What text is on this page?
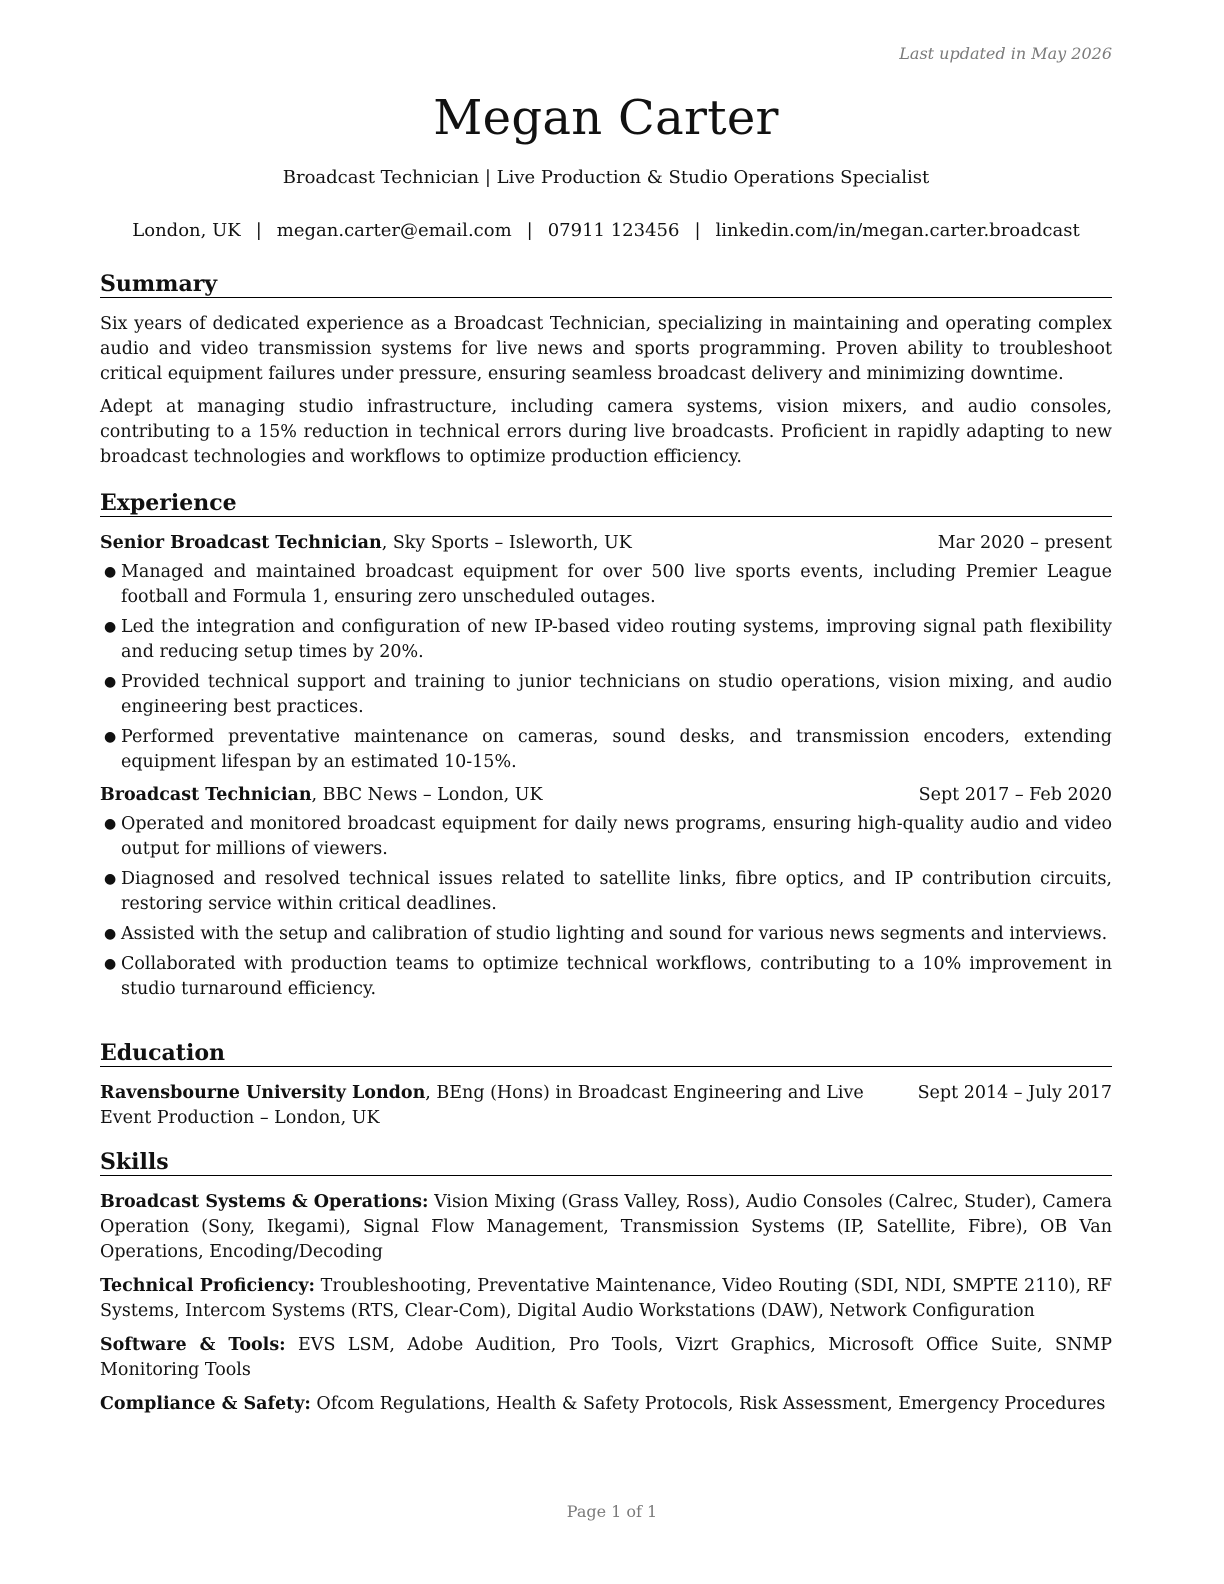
Last updated in May 2026
Megan Carter
Broadcast Technician | Live Production & Studio Operations Specialist
London, UK | megan.carter@email.com | 07911 123456 | linkedin.com/in/megan.carter.broadcast
Summary

Six years of dedicated experience as a Broadcast Technician, specializing in maintaining and operating complex audio and video transmission systems for live news and sports programming. Proven ability to troubleshoot critical equipment failures under pressure, ensuring seamless broadcast delivery and minimizing downtime.

Adept at managing studio infrastructure, including camera systems, vision mixers, and audio consoles, contributing to a 15% reduction in technical errors during live broadcasts. Proficient in rapidly adapting to new broadcast technologies and workflows to optimize production efficiency.

Experience
Senior Broadcast Technician, Sky Sports – Isleworth, UK	Mar 2020 – present
● Managed and maintained broadcast equipment for over 500 live sports events, including Premier League football and Formula 1, ensuring zero unscheduled outages.
● Led the integration and configuration of new IP-based video routing systems, improving signal path flexibility and reducing setup times by 20%.
● Provided technical support and training to junior technicians on studio operations, vision mixing, and audio engineering best practices.
● Performed preventative maintenance on cameras, sound desks, and transmission encoders, extending equipment lifespan by an estimated 10-15%.
Broadcast Technician, BBC News – London, UK	Sept 2017 – Feb 2020
● Operated and monitored broadcast equipment for daily news programs, ensuring high-quality audio and video output for millions of viewers.
● Diagnosed and resolved technical issues related to satellite links, fibre optics, and IP contribution circuits, restoring service within critical deadlines.
● Assisted with the setup and calibration of studio lighting and sound for various news segments and interviews.
● Collaborated with production teams to optimize technical workflows, contributing to a 10% improvement in studio turnaround efficiency.
Education
Ravensbourne University London, BEng (Hons) in Broadcast Engineering and Live Event Production – London, UK
Sept 2014 – July 2017
Skills

Broadcast Systems & Operations: Vision Mixing (Grass Valley, Ross), Audio Consoles (Calrec, Studer), Camera Operation (Sony, Ikegami), Signal Flow Management, Transmission Systems (IP, Satellite, Fibre), OB Van Operations, Encoding/Decoding

Technical Proficiency: Troubleshooting, Preventative Maintenance, Video Routing (SDI, NDI, SMPTE 2110), RF Systems, Intercom Systems (RTS, Clear-Com), Digital Audio Workstations (DAW), Network Configuration

Software & Tools: EVS LSM, Adobe Audition, Pro Tools, Vizrt Graphics, Microsoft Office Suite, SNMP Monitoring Tools

Compliance & Safety: Ofcom Regulations, Health & Safety Protocols, Risk Assessment, Emergency Procedures

Page 1 of 1
